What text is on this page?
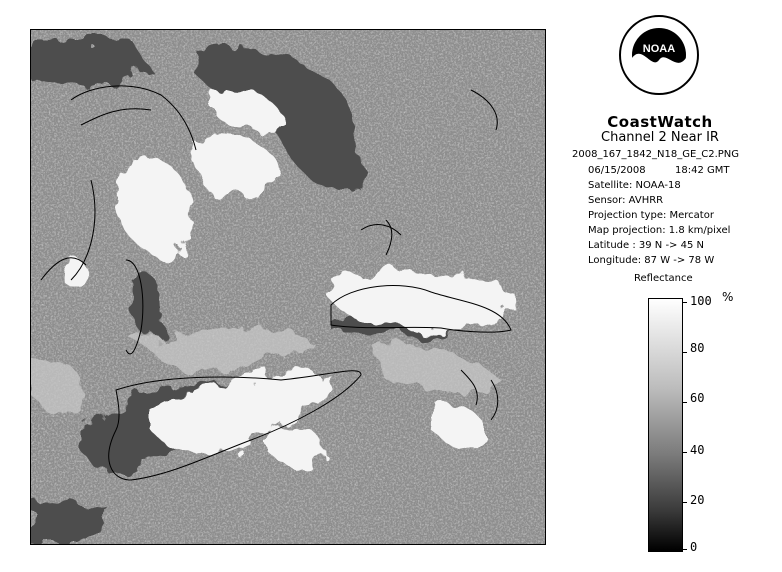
NOAA
CoastWatch
Channel 2 Near IR
2008_167_1842_N18_GE_C2.PNG
06/15/2008	18:42 GMT
Satellite: NOAA-18
Sensor: AVHRR
Projection type: Mercator
Map projection: 1.8 km/pixel
Latitude : 39 N -> 45 N
Longitude: 87 W -> 78 W
Reflectance
%
100
80
60
40
20
0
